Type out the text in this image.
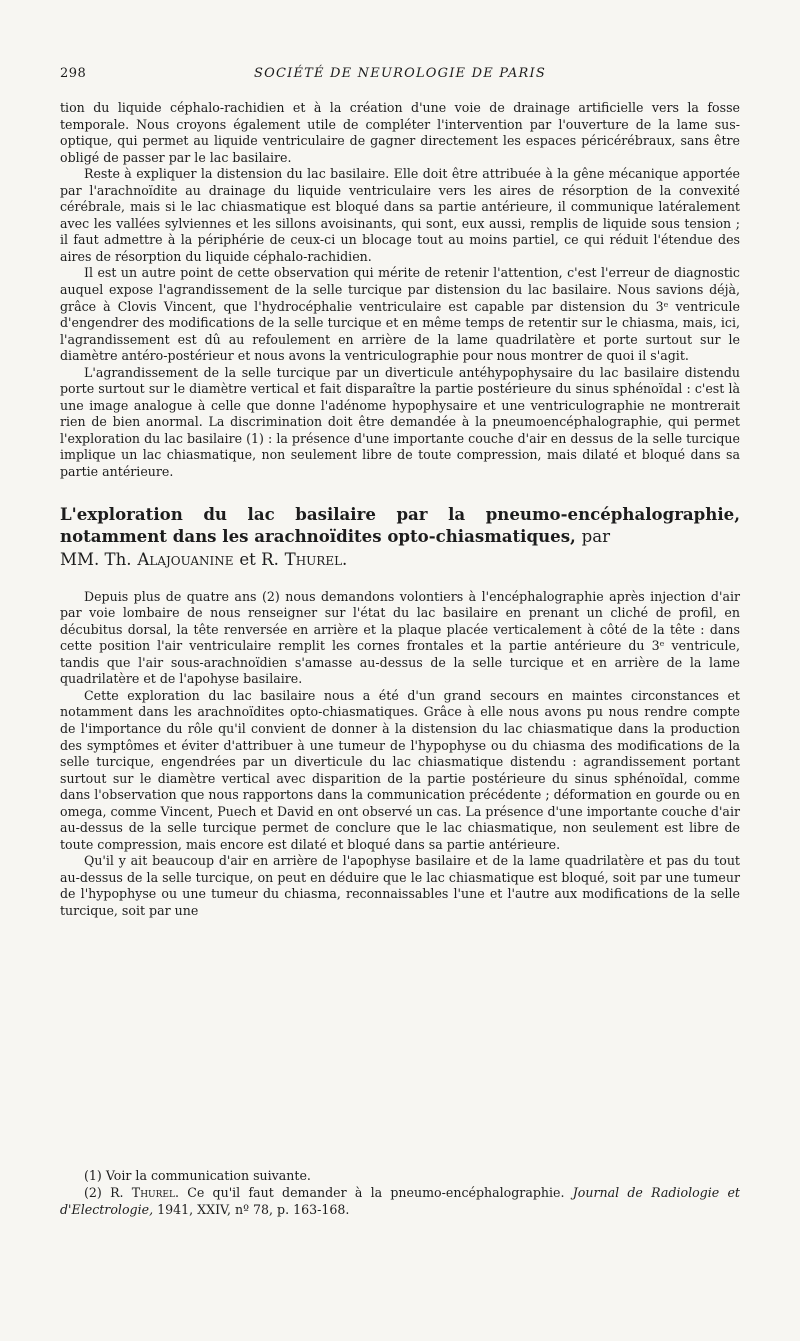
298	SOCIÉTÉ DE NEUROLOGIE DE PARIS

tion du liquide céphalo-rachidien et à la création d'une voie de drainage artificielle vers la fosse temporale. Nous croyons également utile de compléter l'intervention par l'ouverture de la lame sus-optique, qui permet au liquide ventriculaire de gagner directement les espaces péricérébraux, sans être obligé de passer par le lac basilaire.

Reste à expliquer la distension du lac basilaire. Elle doit être attribuée à la gêne mécanique apportée par l'arachnoïdite au drainage du liquide ventriculaire vers les aires de résorption de la convexité cérébrale, mais si le lac chiasmatique est bloqué dans sa partie antérieure, il communique latéralement avec les vallées sylviennes et les sillons avoisinants, qui sont, eux aussi, remplis de liquide sous tension ; il faut admettre à la périphérie de ceux-ci un blocage tout au moins partiel, ce qui réduit l'étendue des aires de résorption du liquide céphalo-rachidien.

Il est un autre point de cette observation qui mérite de retenir l'attention, c'est l'erreur de diagnostic auquel expose l'agrandissement de la selle turcique par distension du lac basilaire. Nous savions déjà, grâce à Clovis Vincent, que l'hydrocéphalie ventriculaire est capable par distension du 3ᵉ ventricule d'engendrer des modifications de la selle turcique et en même temps de retentir sur le chiasma, mais, ici, l'agrandissement est dû au refoulement en arrière de la lame quadrilatère et porte surtout sur le diamètre antéro-postérieur et nous avons la ventriculographie pour nous montrer de quoi il s'agit.

L'agrandissement de la selle turcique par un diverticule antéhypophysaire du lac basilaire distendu porte surtout sur le diamètre vertical et fait disparaître la partie postérieure du sinus sphénoïdal : c'est là une image analogue à celle que donne l'adénome hypophysaire et une ventriculographie ne montrerait rien de bien anormal. La discrimination doit être demandée à la pneumoencéphalographie, qui permet l'exploration du lac basilaire (1) : la présence d'une importante couche d'air en dessus de la selle turcique implique un lac chiasmatique, non seulement libre de toute compression, mais dilaté et bloqué dans sa partie antérieure.

L'exploration du lac basilaire par la pneumo-encéphalographie, notamment dans les arachnoïdites opto-chiasmatiques, par
MM. Th. Alajouanine et R. Thurel.

Depuis plus de quatre ans (2) nous demandons volontiers à l'encéphalographie après injection d'air par voie lombaire de nous renseigner sur l'état du lac basilaire en prenant un cliché de profil, en décubitus dorsal, la tête renversée en arrière et la plaque placée verticalement à côté de la tête : dans cette position l'air ventriculaire remplit les cornes frontales et la partie antérieure du 3ᵉ ventricule, tandis que l'air sous-arachnoïdien s'amasse au-dessus de la selle turcique et en arrière de la lame quadrilatère et de l'apohyse basilaire.

Cette exploration du lac basilaire nous a été d'un grand secours en maintes circonstances et notamment dans les arachnoïdites opto-chiasmatiques. Grâce à elle nous avons pu nous rendre compte de l'importance du rôle qu'il convient de donner à la distension du lac chiasmatique dans la production des symptômes et éviter d'attribuer à une tumeur de l'hypophyse ou du chiasma des modifications de la selle turcique, engendrées par un diverticule du lac chiasmatique distendu : agrandissement portant surtout sur le diamètre vertical avec disparition de la partie postérieure du sinus sphénoïdal, comme dans l'observation que nous rapportons dans la communication précédente ; déformation en gourde ou en omega, comme Vincent, Puech et David en ont observé un cas. La présence d'une importante couche d'air au-dessus de la selle turcique permet de conclure que le lac chiasmatique, non seulement est libre de toute compression, mais encore est dilaté et bloqué dans sa partie antérieure.

Qu'il y ait beaucoup d'air en arrière de l'apophyse basilaire et de la lame quadrilatère et pas du tout au-dessus de la selle turcique, on peut en déduire que le lac chiasmatique est bloqué, soit par une tumeur de l'hypophyse ou une tumeur du chiasma, reconnaissables l'une et l'autre aux modifications de la selle turcique, soit par une

(1) Voir la communication suivante.

(2) R. Thurel. Ce qu'il faut demander à la pneumo-encéphalographie. Journal de Radiologie et d'Electrologie, 1941, XXIV, nº 78, p. 163-168.
